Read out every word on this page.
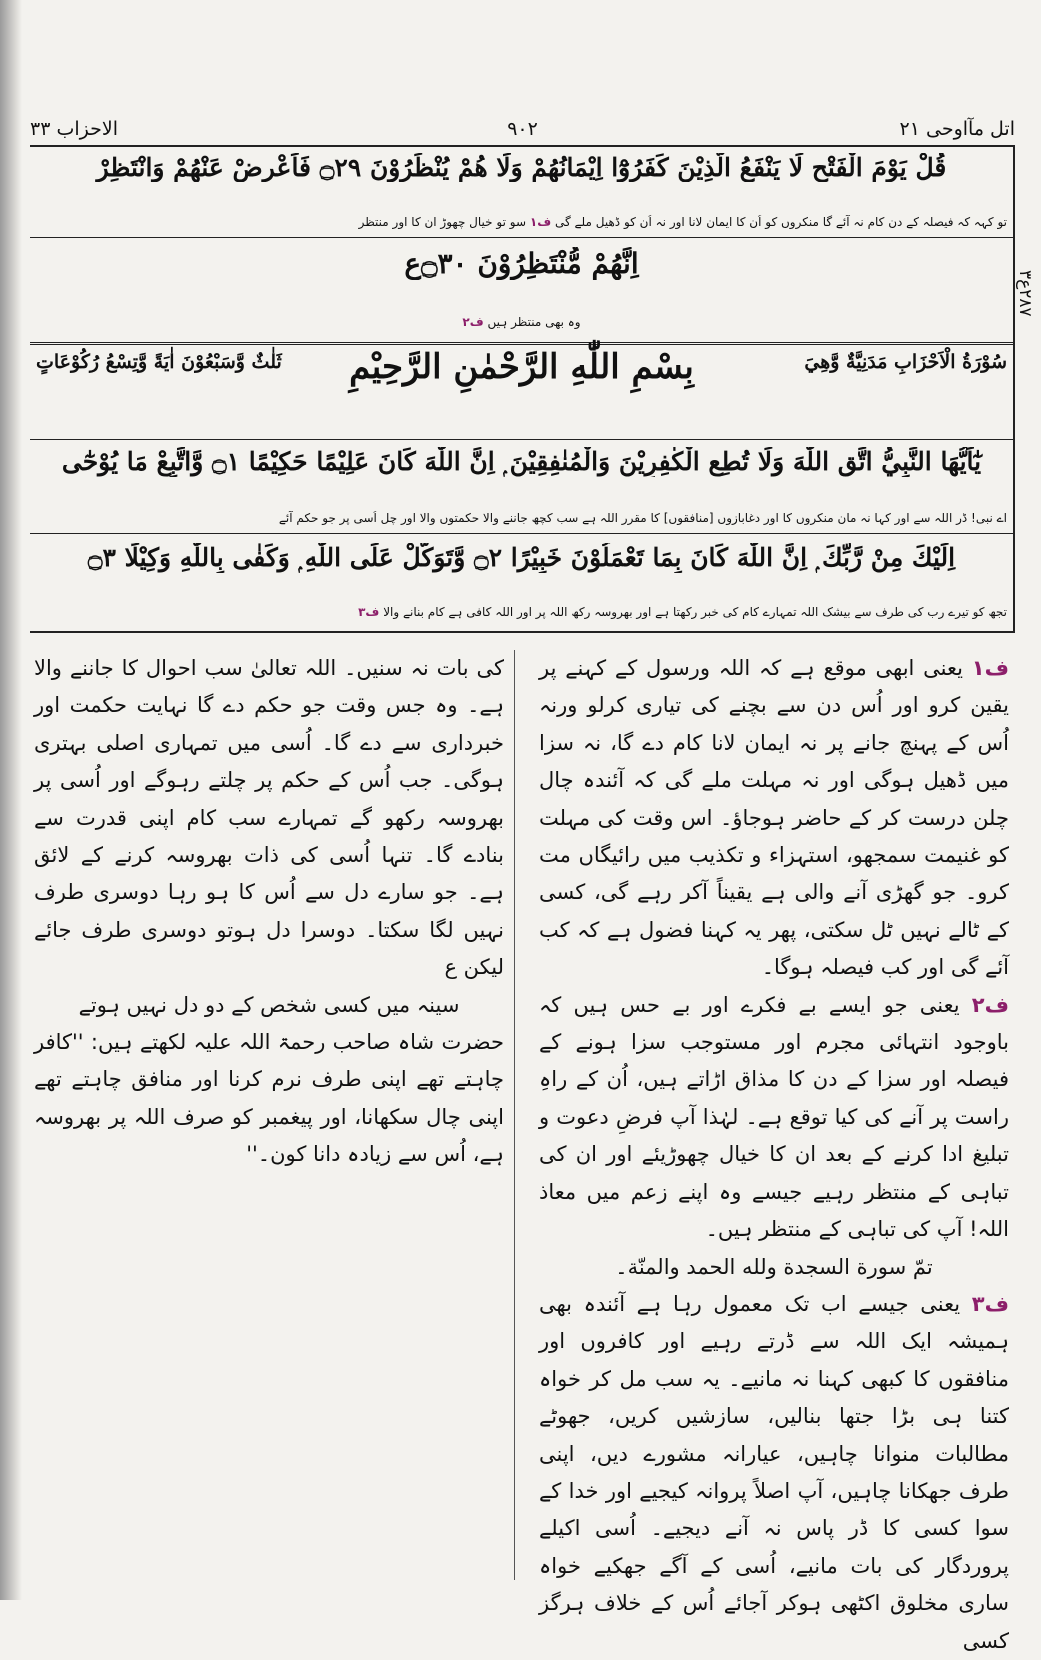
اتل مآاوحی ۲۱
۹۰۲
الاحزاب ۳۳
قُلْ يَوْمَ الْفَتْحِ لَا يَنْفَعُ الَّذِيْنَ كَفَرُوْٓا اِيْمَانُهُمْ وَلَا هُمْ يُنْظَرُوْنَ ۝۲۹ فَاَعْرِضْ عَنْهُمْ وَانْتَظِرْ
تو کہہ کہ فیصلہ کے دن کام نہ آئے گا منکروں کو اُن کا ایمان لانا اور نہ اُن کو ڈھیل ملے گی ف۱ سو تو خیال چھوڑ ان کا اور منتظر
اِنَّهُمْ مُّنْتَظِرُوْنَ ۝۳۰ع
وہ بھی منتظر ہیں ف۲
سُوْرَةُ الْاَحْزَابِ مَدَنِيَّةٌ وَّهِيَ
بِسْمِ اللّٰهِ الرَّحْمٰنِ الرَّحِيْمِ
ثَلٰثٌ وَّسَبْعُوْنَ اٰيَةً وَّتِسْعُ رُكُوْعَاتٍ
يٰٓاَيُّهَا النَّبِيُّ اتَّقِ اللّٰهَ وَلَا تُطِعِ الْكٰفِرِيْنَ وَالْمُنٰفِقِيْنَ ۭ اِنَّ اللّٰهَ كَانَ عَلِيْمًا حَكِيْمًا ۝۱ وَّاتَّبِعْ مَا يُوْحٰٓى
اے نبی! ڈر اللہ سے اور کہا نہ مان منکروں کا اور دغابازوں [منافقوں] کا مقرر اللہ ہے سب کچھ جاننے والا حکمتوں والا اور چل اُسی پر جو حکم آئے
اِلَيْكَ مِنْ رَّبِّكَ ۭ اِنَّ اللّٰهَ كَانَ بِمَا تَعْمَلُوْنَ خَبِيْرًا ۝۲ وَّتَوَكَّلْ عَلَى اللّٰهِ ۭ وَكَفٰى بِاللّٰهِ وَكِيْلًا ۝۳
تجھ کو تیرے رب کی طرف سے بیشک اللہ تمہارے کام کی خبر رکھتا ہے اور بھروسہ رکھ اللہ پر اور اللہ کافی ہے کام بنانے والا ف۳
۲۸۷ع۳

ف۱ یعنی ابھی موقع ہے کہ اللہ ورسول کے کہنے پر یقین کرو اور اُس دن سے بچنے کی تیاری کرلو ورنہ اُس کے پہنچ جانے پر نہ ایمان لانا کام دے گا، نہ سزا میں ڈھیل ہوگی اور نہ مہلت ملے گی کہ آئندہ چال چلن درست کر کے حاضر ہوجاؤ۔ اس وقت کی مہلت کو غنیمت سمجھو، استہزاء و تکذیب میں رائیگاں مت کرو۔ جو گھڑی آنے والی ہے یقیناً آکر رہے گی، کسی کے ٹالے نہیں ٹل سکتی، پھر یہ کہنا فضول ہے کہ کب آئے گی اور کب فیصلہ ہوگا۔

ف۲ یعنی جو ایسے بے فکرے اور بے حس ہیں کہ باوجود انتہائی مجرم اور مستوجب سزا ہونے کے فیصلہ اور سزا کے دن کا مذاق اڑاتے ہیں، اُن کے راہِ راست پر آنے کی کیا توقع ہے۔ لہٰذا آپ فرضِ دعوت و تبلیغ ادا کرنے کے بعد ان کا خیال چھوڑیئے اور ان کی تباہی کے منتظر رہیے جیسے وہ اپنے زعم میں معاذ اللہ! آپ کی تباہی کے منتظر ہیں۔

تمّ سورة السجدة ولله الحمد والمنّة۔

ف۳ یعنی جیسے اب تک معمول رہا ہے آئندہ بھی ہمیشہ ایک اللہ سے ڈرتے رہیے اور کافروں اور منافقوں کا کبھی کہنا نہ مانیے۔ یہ سب مل کر خواہ کتنا ہی بڑا جتھا بنالیں، سازشیں کریں، جھوٹے مطالبات منوانا چاہیں، عیارانہ مشورے دیں، اپنی طرف جھکانا چاہیں، آپ اصلاً پروانہ کیجیے اور خدا کے سوا کسی کا ڈر پاس نہ آنے دیجیے۔ اُسی اکیلے پروردگار کی بات مانیے، اُسی کے آگے جھکیے خواہ ساری مخلوق اکٹھی ہوکر آجائے اُس کے خلاف ہرگز کسی

کی بات نہ سنیں۔ اللہ تعالیٰ سب احوال کا جاننے والا ہے۔ وہ جس وقت جو حکم دے گا نہایت حکمت اور خبرداری سے دے گا۔ اُسی میں تمہاری اصلی بہتری ہوگی۔ جب اُس کے حکم پر چلتے رہوگے اور اُسی پر بھروسہ رکھو گے تمہارے سب کام اپنی قدرت سے بنادے گا۔ تنہا اُسی کی ذات بھروسہ کرنے کے لائق ہے۔ جو سارے دل سے اُس کا ہو رہا دوسری طرف نہیں لگا سکتا۔ دوسرا دل ہوتو دوسری طرف جائے لیکن ع

سینہ میں کسی شخص کے دو دل نہیں ہوتے

حضرت شاہ صاحب رحمۃ اللہ علیہ لکھتے ہیں: ''کافر چاہتے تھے اپنی طرف نرم کرنا اور منافق چاہتے تھے اپنی چال سکھانا، اور پیغمبر کو صرف اللہ پر بھروسہ ہے، اُس سے زیادہ دانا کون۔''
